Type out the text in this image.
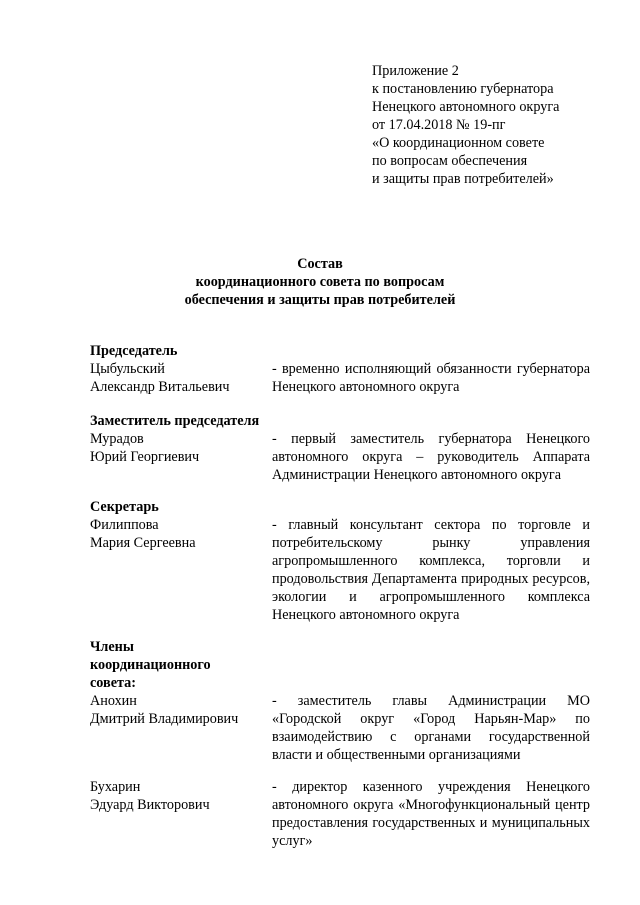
Приложение 2
к постановлению губернатора
Ненецкого автономного округа
от 17.04.2018 № 19-пг
«О координационном совете
по вопросам обеспечения
и защиты прав потребителей»
Состав
координационного совета по вопросам
обеспечения и защиты прав потребителей
Председатель
Цыбульский
Александр Витальевич

- временно исполняющий обязанности губернатора Ненецкого автономного округа

Заместитель председателя
Мурадов
Юрий Георгиевич

- первый заместитель губернатора Ненецкого автономного округа – руководитель Аппарата Администрации Ненецкого автономного округа

Секретарь
Филиппова
Мария Сергеевна

- главный консультант сектора по торговле и потребительскому рынку управления агропромышленного комплекса, торговли и продовольствия Департамента природных ресурсов, экологии и агропромышленного комплекса Ненецкого автономного округа

Члены
координационного
совета:
Анохин
Дмитрий Владимирович

- заместитель главы Администрации МО «Городской округ «Город Нарьян-Мар» по взаимодействию с органами государственной власти и общественными организациями

Бухарин
Эдуард Викторович

- директор казенного учреждения Ненецкого автономного округа «Многофункциональный центр предоставления государственных и муниципальных услуг»
